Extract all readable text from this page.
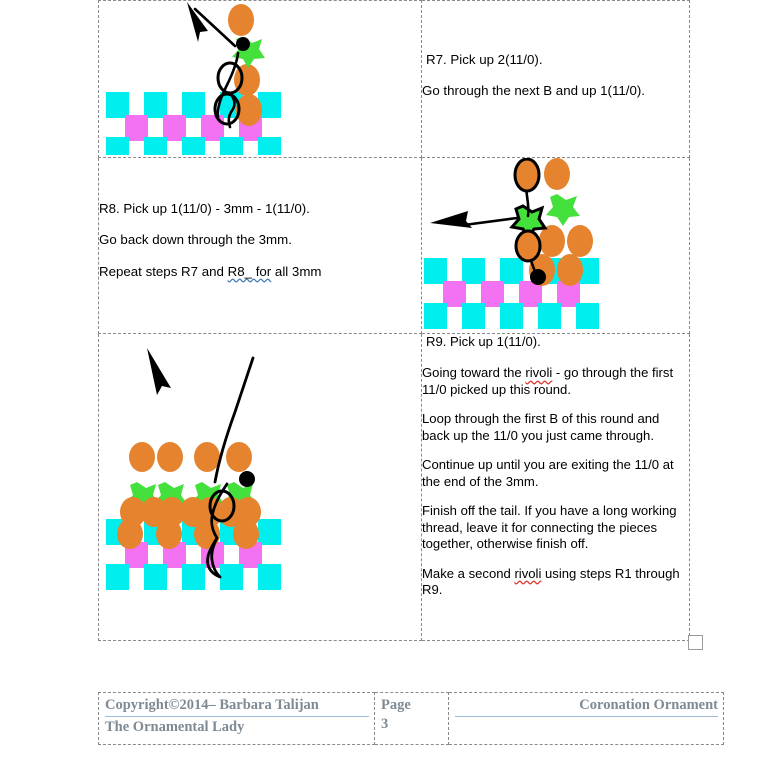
R7. Pick up 2(11/0).

Go through the next B and up 1(11/0).

R8. Pick up 1(11/0) - 3mm - 1(11/0).

Go back down through the 3mm.

Repeat steps R7 and R8_ for all 3mm

R9. Pick up 1(11/0).

Going toward the rivoli - go through the first 11/0 picked up this round.

Loop through the first B of this round and back up the 11/0 you just came through.

Continue up until you are exiting the 11/0 at the end of the 3mm.

Finish off the tail. If you have a long working thread, leave it for connecting the pieces together, otherwise finish off.

Make a second rivoli using steps R1 through R9.

Copyright©2014– Barbara Talijan
The Ornamental Lady	Page
3	
Coronation Ornament
